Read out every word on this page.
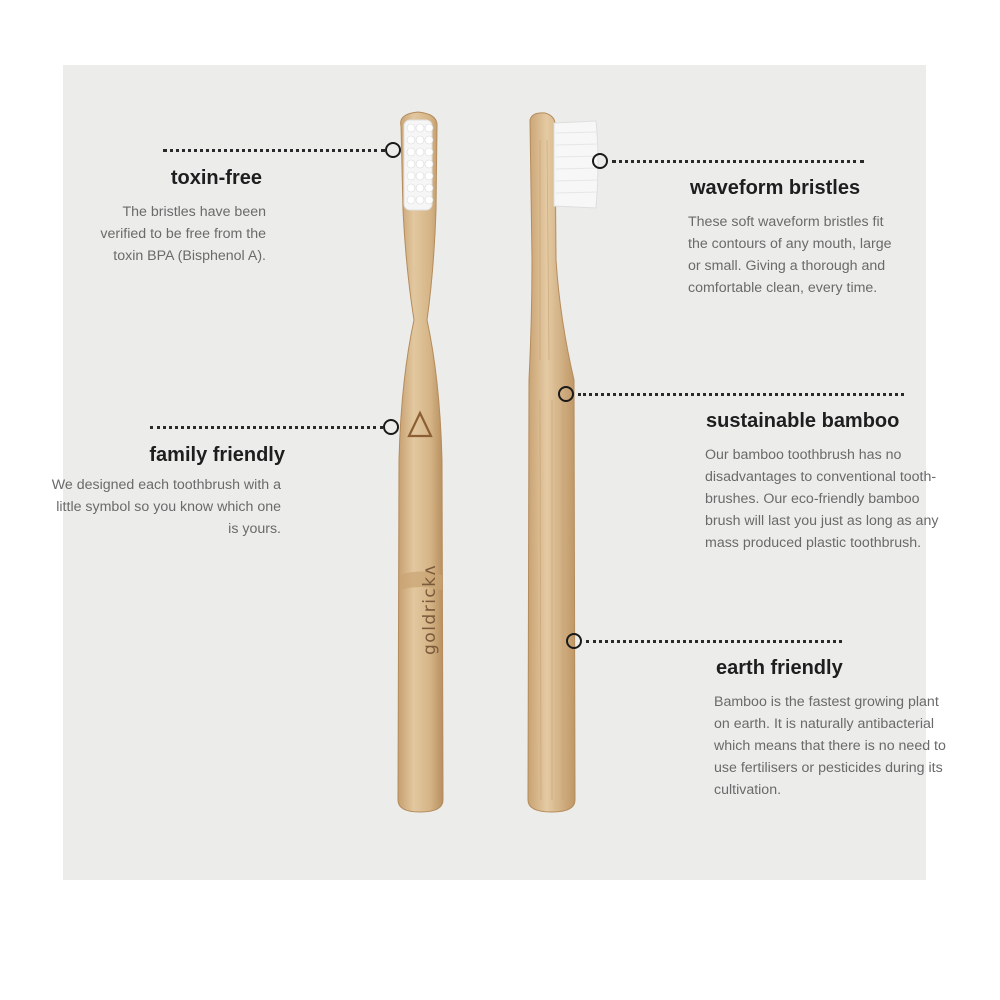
toxin-free
The bristles have been
verified to be free from the
toxin BPA (Bisphenol A).
family friendly
We designed each toothbrush with a
little symbol so you know which one
is yours.
waveform bristles
These soft waveform bristles fit
the contours of any mouth, large
or small. Giving a thorough and
comfortable clean, every time.
sustainable bamboo
Our bamboo toothbrush has no
disadvantages to conventional tooth-
brushes. Our eco-friendly bamboo
brush will last you just as long as any
mass produced plastic toothbrush.
earth friendly
Bamboo is the fastest growing plant
on earth. It is naturally antibacterial
which means that there is no need to
use fertilisers or pesticides during its
cultivation.
